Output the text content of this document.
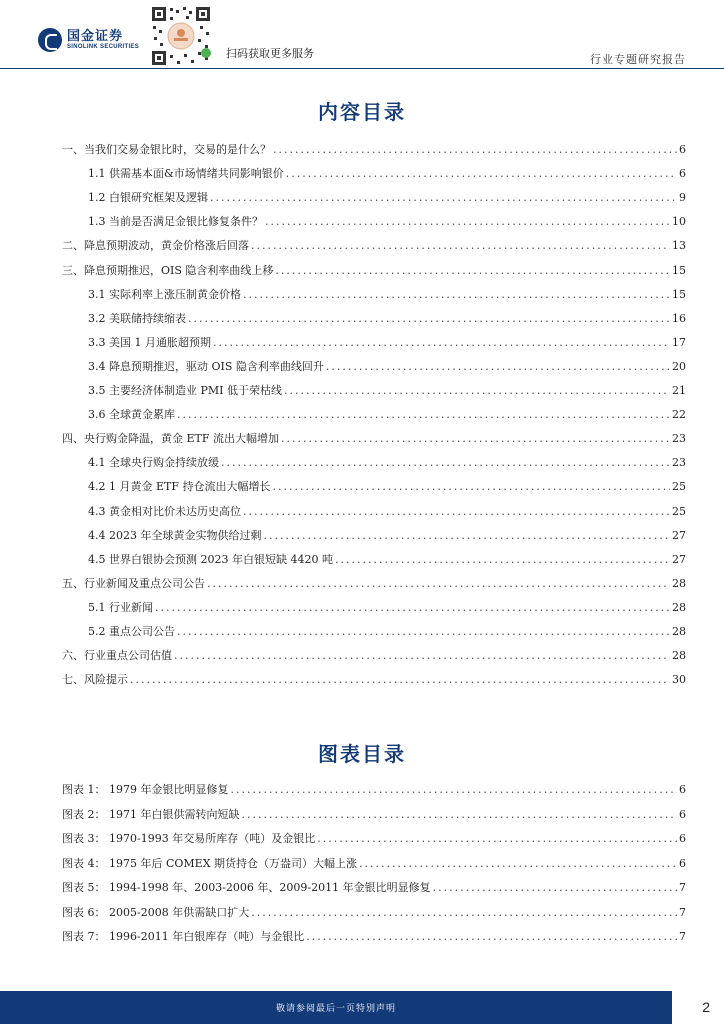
国金证券
SINOLINK SECURITIES
扫码获取更多服务	行业专题研究报告
内容目录
一、当我们交易金银比时，交易的是什么？ .....	6
1.1 供需基本面&市场情绪共同影响银价 .....	6
1.2 白银研究框架及逻辑 .....	9
1.3 当前是否满足金银比修复条件？ .....	10
二、降息预期波动，黄金价格涨后回落 .....	13
三、降息预期推迟，OIS 隐含利率曲线上移 .....	15
3.1 实际利率上涨压制黄金价格 .....	15
3.2 美联储持续缩表 .....	16
3.3 美国 1 月通胀超预期 .....	17
3.4 降息预期推迟，驱动 OIS 隐含利率曲线回升 .....	20
3.5 主要经济体制造业 PMI 低于荣枯线 .....	21
3.6 全球黄金累库 .....	22
四、央行购金降温，黄金 ETF 流出大幅增加 .....	23
4.1 全球央行购金持续放缓 .....	23
4.2 1 月黄金 ETF 持仓流出大幅增长 .....	25
4.3 黄金相对比价未达历史高位 .....	25
4.4 2023 年全球黄金实物供给过剩 .....	27
4.5 世界白银协会预测 2023 年白银短缺 4420 吨 .....	27
五、行业新闻及重点公司公告 .....	28
5.1 行业新闻 .....	28
5.2 重点公司公告 .....	28
六、行业重点公司估值 .....	28
七、风险提示 .....	30
图表目录
图表 1： 1979 年金银比明显修复 .....	6
图表 2： 1971 年白银供需转向短缺 .....	6
图表 3： 1970-1993 年交易所库存（吨）及金银比 .....	6
图表 4： 1975 年后 COMEX 期货持仓（万盎司）大幅上涨 .....	6
图表 5： 1994-1998 年、2003-2006 年、2009-2011 年金银比明显修复 .....	7
图表 6： 2005-2008 年供需缺口扩大 .....	7
图表 7： 1996-2011 年白银库存（吨）与金银比 .....	7
敬请参阅最后一页特别声明	2
